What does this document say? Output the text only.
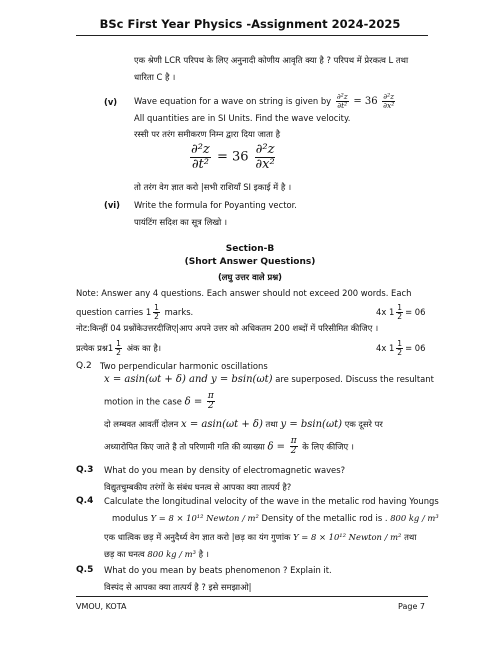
BSc First Year Physics -Assignment 2024-2025
एक श्रेणी LCR परिपथ के लिए अनुनादी कोणीय आवृति क्या है ? परिपथ में प्रेरकत्व L तथा
धारिता C है ।
(v) Wave equation for a wave on string is given by $\frac{\text{∂²z}}{\text{∂t²}} = 36 \frac{\text{∂²z}}{\text{∂x²}}$
All quantities are in SI Units. Find the wave velocity.
रस्सी पर तरंग समीकरण निम्न द्वारा दिया जाता है
$\frac{\text{∂²z}}{\text{∂t²}} = 36 \frac{\text{∂²z}}{\text{∂x²}}$
तो तरंग वेग ज्ञात करो |सभी राशियाँ SI इकाई में है ।
(vi) Write the formula for Poyanting vector.
पायंटिंग सदिश का सूत्र लिखो ।
Section-B
(Short Answer Questions)
(लघु उत्तर वाले प्रश्न)
Note: Answer any 4 questions. Each answer should not exceed 200 words. Each
question carries $1 \frac{1}{2}$ marks.	4x $1 \frac{1}{2} = 06$
नोट:किन्हीं 04 प्रश्नोंकेउत्तरदीजिए|आप अपने उत्तर को अधिकतम 200 शब्दों में परिसीमित कीजिए ।
प्रत्येक प्रश्न1 $\frac{1}{2}$ अंक का है।	4x $1 \frac{1}{2} = 06$
Q.2 Two perpendicular harmonic oscillations
x = asin(ωt + δ) and y = bsin(ωt) are superposed. Discuss the resultant
motion in the case $\delta = \frac{\pi}{2}$
दो लम्बवत आवर्ती दोलन x = asin(ωt + δ) तथा y = bsin(ωt) एक दूसरे पर
अध्यारोपित किए जाते है तो परिणामी गति की व्याख्या $\delta = \frac{\pi}{2}$ के लिए कीजिए ।
Q.3 What do you mean by density of electromagnetic waves?
विद्युतचुम्बकीय तरंगों के संबंध घनत्व से आपका क्या तात्पर्य है?
Q.4 Calculate the longitudinal velocity of the wave in the metalic rod having Youngs
modulus Y = 8 × 10¹² Newton / m² Density of the metallic rod is . 800 kg / m³
एक धात्विक छड़ में अनुदैर्ध्य वेग ज्ञात करो |छड़ का यंग गुणांक Y = 8 × 10¹² Newton / m² तथा
छड़ का घनत्व 800 kg / m³ है ।
Q.5 What do you mean by beats phenomenon ? Explain it.
विस्पंद से आपका क्या तात्पर्य है ? इसे समझाओ|
VMOU, KOTA	Page 7
